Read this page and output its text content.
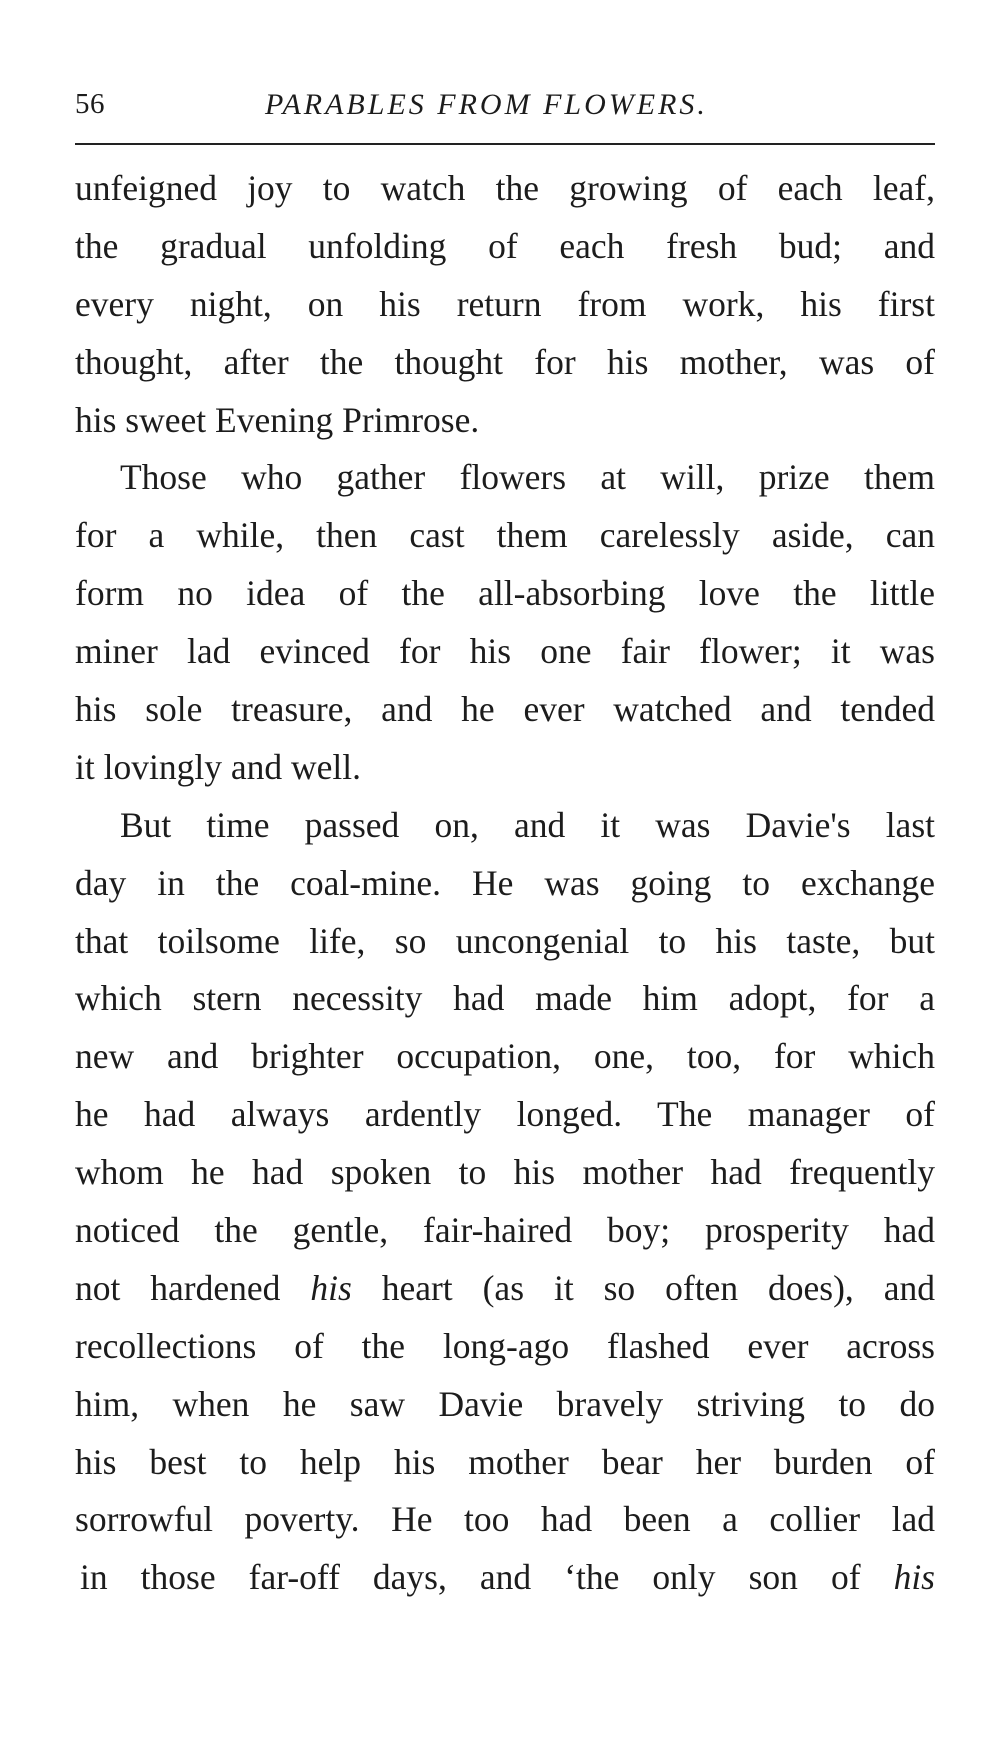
56	PARABLES FROM FLOWERS.
unfeigned joy to watch the growing of each leaf,
the gradual unfolding of each fresh bud; and
every night, on his return from work, his first
thought, after the thought for his mother, was of
his sweet Evening Primrose.
Those who gather flowers at will, prize them
for a while, then cast them carelessly aside, can
form no idea of the all-absorbing love the little
miner lad evinced for his one fair flower; it was
his sole treasure, and he ever watched and tended
it lovingly and well.
But time passed on, and it was Davie's last
day in the coal-mine. He was going to exchange
that toilsome life, so uncongenial to his taste, but
which stern necessity had made him adopt, for a
new and brighter occupation, one, too, for which
he had always ardently longed. The manager of
whom he had spoken to his mother had frequently
noticed the gentle, fair-haired boy; prosperity had
not hardened his heart (as it so often does), and
recollections of the long-ago flashed ever across
him, when he saw Davie bravely striving to do
his best to help his mother bear her burden of
sorrowful poverty. He too had been a collier lad
in those far-off days, and ‘the only son of his
